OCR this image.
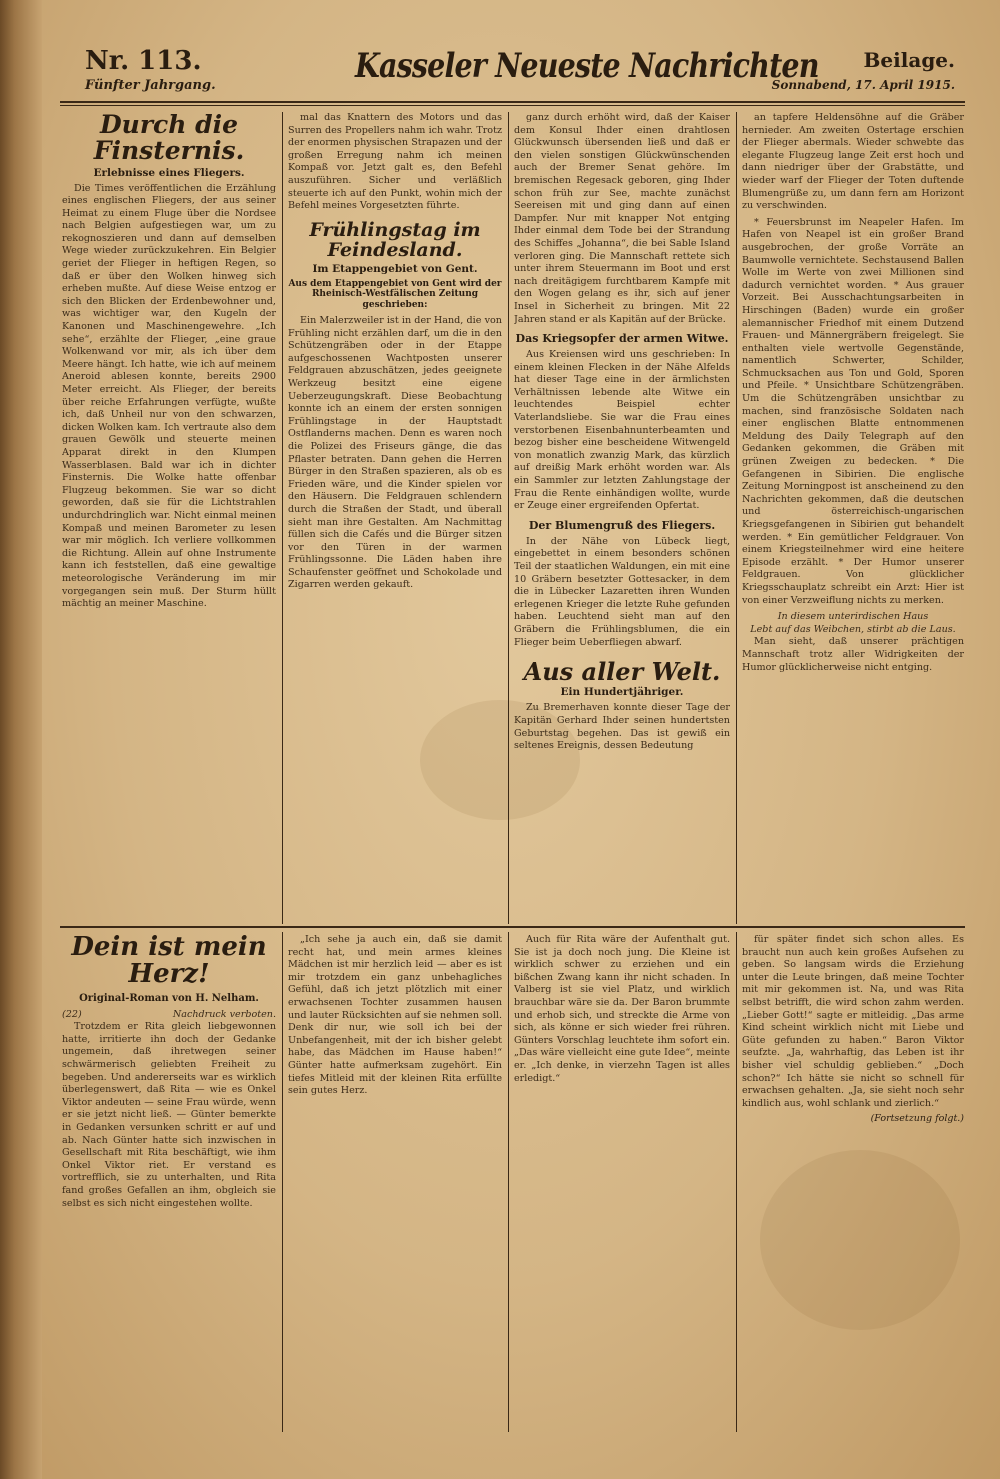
Nr. 113.
Fünfter Jahrgang.	Kasseler Neueste Nachrichten	Beilage.
Sonnabend, 17. April 1915.
Durch die Finsternis.
Erlebnisse eines Fliegers.

Die Times veröffentlichen die Erzählung eines englischen Fliegers, der aus seiner Heimat zu einem Fluge über die Nordsee nach Belgien aufgestiegen war, um zu rekognoszieren und dann auf demselben Wege wieder zurückzukehren. Ein Belgier geriet der Flieger in heftigen Regen, so daß er über den Wolken hinweg sich erheben mußte. Auf diese Weise entzog er sich den Blicken der Erdenbewohner und, was wichtiger war, den Kugeln der Kanonen und Maschinengewehre. „Ich sehe“, erzählte der Flieger, „eine graue Wolkenwand vor mir, als ich über dem Meere hängt. Ich hatte, wie ich auf meinem Aneroid ablesen konnte, bereits 2900 Meter erreicht. Als Flieger, der bereits über reiche Erfahrungen verfügte, wußte ich, daß Unheil nur von den schwarzen, dicken Wolken kam. Ich vertraute also dem grauen Gewölk und steuerte meinen Apparat direkt in den Klumpen Wasserblasen. Bald war ich in dichter Finsternis. Die Wolke hatte offenbar Flugzeug bekommen. Sie war so dicht geworden, daß sie für die Lichtstrahlen undurchdringlich war. Nicht einmal meinen Kompaß und meinen Barometer zu lesen war mir möglich. Ich verliere vollkommen die Richtung. Allein auf ohne Instrumente kann ich feststellen, daß eine gewaltige meteorologische Veränderung im mir vorgegangen sein muß. Der Sturm hüllt mächtig an meiner Maschine.

mal das Knattern des Motors und das Surren des Propellers nahm ich wahr. Trotz der enormen physischen Strapazen und der großen Erregung nahm ich meinen Kompaß vor. Jetzt galt es, den Befehl auszuführen. Sicher und verläßlich steuerte ich auf den Punkt, wohin mich der Befehl meines Vorgesetzten führte.

Frühlingstag im Feindesland.
Im Etappengebiet von Gent.
Aus dem Etappengebiet von Gent wird der Rheinisch-Westfälischen Zeitung geschrieben:

Ein Malerzweiler ist in der Hand, die von Frühling nicht erzählen darf, um die in den Schützengräben oder in der Etappe aufgeschossenen Wachtposten unserer Feldgrauen abzuschätzen, jedes geeignete Werkzeug besitzt eine eigene Ueberzeugungskraft. Diese Beobachtung konnte ich an einem der ersten sonnigen Frühlingstage in der Hauptstadt Ostflanderns machen. Denn es waren noch die Polizei des Friseurs gänge, die das Pflaster betraten. Dann gehen die Herren Bürger in den Straßen spazieren, als ob es Frieden wäre, und die Kinder spielen vor den Häusern. Die Feldgrauen schlendern durch die Straßen der Stadt, und überall sieht man ihre Gestalten. Am Nachmittag füllen sich die Cafés und die Bürger sitzen vor den Türen in der warmen Frühlingssonne. Die Läden haben ihre Schaufenster geöffnet und Schokolade und Zigarren werden gekauft.

ganz durch erhöht wird, daß der Kaiser dem Konsul Ihder einen drahtlosen Glückwunsch übersenden ließ und daß er den vielen sonstigen Glückwünschenden auch der Bremer Senat gehöre. Im bremischen Regesack geboren, ging Ihder schon früh zur See, machte zunächst Seereisen mit und ging dann auf einen Dampfer. Nur mit knapper Not entging Ihder einmal dem Tode bei der Strandung des Schiffes „Johanna“, die bei Sable Island verloren ging. Die Mannschaft rettete sich unter ihrem Steuermann im Boot und erst nach dreitägigem furchtbarem Kampfe mit den Wogen gelang es ihr, sich auf jener Insel in Sicherheit zu bringen. Mit 22 Jahren stand er als Kapitän auf der Brücke.

Das Kriegsopfer der armen Witwe.

Aus Kreiensen wird uns geschrieben: In einem kleinen Flecken in der Nähe Alfelds hat dieser Tage eine in der ärmlichsten Verhältnissen lebende alte Witwe ein leuchtendes Beispiel echter Vaterlandsliebe. Sie war die Frau eines verstorbenen Eisenbahnunterbeamten und bezog bisher eine bescheidene Witwengeld von monatlich zwanzig Mark, das kürzlich auf dreißig Mark erhöht worden war. Als ein Sammler zur letzten Zahlungstage der Frau die Rente einhändigen wollte, wurde er Zeuge einer ergreifenden Opfertat.

Der Blumengruß des Fliegers.

In der Nähe von Lübeck liegt, eingebettet in einem besonders schönen Teil der staatlichen Waldungen, ein mit eine 10 Gräbern besetzter Gottesacker, in dem die in Lübecker Lazaretten ihren Wunden erlegenen Krieger die letzte Ruhe gefunden haben. Leuchtend sieht man auf den Gräbern die Frühlingsblumen, die ein Flieger beim Ueberfliegen abwarf.

Aus aller Welt.
Ein Hundertjähriger.

Zu Bremerhaven konnte dieser Tage der Kapitän Gerhard Ihder seinen hundertsten Geburtstag begehen. Das ist gewiß ein seltenes Ereignis, dessen Bedeutung

an tapfere Heldensöhne auf die Gräber hernieder. Am zweiten Ostertage erschien der Flieger abermals. Wieder schwebte das elegante Flugzeug lange Zeit erst hoch und dann niedriger über der Grabstätte, und wieder warf der Flieger der Toten duftende Blumengrüße zu, um dann fern am Horizont zu verschwinden.

* Feuersbrunst im Neapeler Hafen. Im Hafen von Neapel ist ein großer Brand ausgebrochen, der große Vorräte an Baumwolle vernichtete. Sechstausend Ballen Wolle im Werte von zwei Millionen sind dadurch vernichtet worden. * Aus grauer Vorzeit. Bei Ausschachtungsarbeiten in Hirschingen (Baden) wurde ein großer alemannischer Friedhof mit einem Dutzend Frauen- und Männergräbern freigelegt. Sie enthalten viele wertvolle Gegenstände, namentlich Schwerter, Schilder, Schmucksachen aus Ton und Gold, Sporen und Pfeile. * Unsichtbare Schützengräben. Um die Schützengräben unsichtbar zu machen, sind französische Soldaten nach einer englischen Blatte entnommenen Meldung des Daily Telegraph auf den Gedanken gekommen, die Gräben mit grünen Zweigen zu bedecken. * Die Gefangenen in Sibirien. Die englische Zeitung Morningpost ist anscheinend zu den Nachrichten gekommen, daß die deutschen und österreichisch-ungarischen Kriegsgefangenen in Sibirien gut behandelt werden. * Ein gemütlicher Feldgrauer. Von einem Kriegsteilnehmer wird eine heitere Episode erzählt. * Der Humor unserer Feldgrauen. Von glücklicher Kriegsschauplatz schreibt ein Arzt: Hier ist von einer Verzweiflung nichts zu merken.

In diesem unterirdischen Haus
Lebt auf das Weibchen, stirbt ab die Laus.

Man sieht, daß unserer prächtigen Mannschaft trotz aller Widrigkeiten der Humor glücklicherweise nicht entging.

Dein ist mein Herz!
Original-Roman von H. Nelham.
(22)	Nachdruck verboten.

Trotzdem er Rita gleich liebgewonnen hatte, irritierte ihn doch der Gedanke ungemein, daß ihretwegen seiner schwärmerisch geliebten Freiheit zu begeben. Und andererseits war es wirklich überlegenswert, daß Rita — wie es Onkel Viktor andeuten — seine Frau würde, wenn er sie jetzt nicht ließ. — Günter bemerkte in Gedanken versunken schritt er auf und ab. Nach Günter hatte sich inzwischen in Gesellschaft mit Rita beschäftigt, wie ihm Onkel Viktor riet. Er verstand es vortrefflich, sie zu unterhalten, und Rita fand großes Gefallen an ihm, obgleich sie selbst es sich nicht eingestehen wollte.

„Ich sehe ja auch ein, daß sie damit recht hat, und mein armes kleines Mädchen ist mir herzlich leid — aber es ist mir trotzdem ein ganz unbehagliches Gefühl, daß ich jetzt plötzlich mit einer erwachsenen Tochter zusammen hausen und lauter Rücksichten auf sie nehmen soll. Denk dir nur, wie soll ich bei der Unbefangenheit, mit der ich bisher gelebt habe, das Mädchen im Hause haben!“ Günter hatte aufmerksam zugehört. Ein tiefes Mitleid mit der kleinen Rita erfüllte sein gutes Herz.

Auch für Rita wäre der Aufenthalt gut. Sie ist ja doch noch jung. Die Kleine ist wirklich schwer zu erziehen und ein bißchen Zwang kann ihr nicht schaden. In Valberg ist sie viel Platz, und wirklich brauchbar wäre sie da. Der Baron brummte und erhob sich, und streckte die Arme von sich, als könne er sich wieder frei rühren. Günters Vorschlag leuchtete ihm sofort ein. „Das wäre vielleicht eine gute Idee“, meinte er. „Ich denke, in vierzehn Tagen ist alles erledigt.“

für später findet sich schon alles. Es braucht nun auch kein großes Aufsehen zu geben. So langsam wirds die Erziehung unter die Leute bringen, daß meine Tochter mit mir gekommen ist. Na, und was Rita selbst betrifft, die wird schon zahm werden. „Lieber Gott!“ sagte er mitleidig. „Das arme Kind scheint wirklich nicht mit Liebe und Güte gefunden zu haben.“ Baron Viktor seufzte. „Ja, wahrhaftig, das Leben ist ihr bisher viel schuldig geblieben.“ „Doch schon?“ Ich hätte sie nicht so schnell für erwachsen gehalten. „Ja, sie sieht noch sehr kindlich aus, wohl schlank und zierlich.“

(Fortsetzung folgt.)
